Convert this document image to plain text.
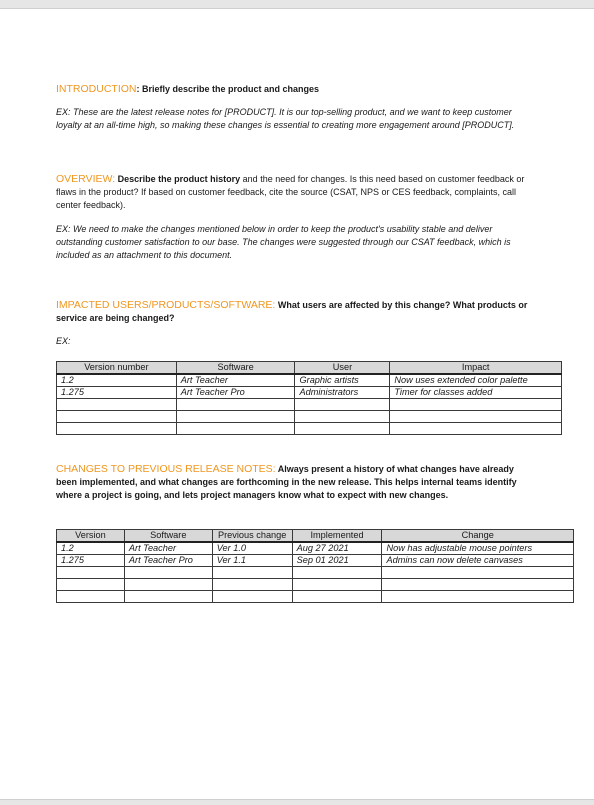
INTRODUCTION: Briefly describe the product and changes
EX: These are the latest release notes for [PRODUCT]. It is our top-selling product, and we want to keep customer loyalty at an all-time high, so making these changes is essential to creating more engagement around [PRODUCT].
OVERVIEW: Describe the product history and the need for changes. Is this need based on customer feedback or flaws in the product? If based on customer feedback, cite the source (CSAT, NPS or CES feedback, complaints, call center feedback).
EX: We need to make the changes mentioned below in order to keep the product's usability stable and deliver outstanding customer satisfaction to our base. The changes were suggested through our CSAT feedback, which is included as an attachment to this document.
IMPACTED USERS/PRODUCTS/SOFTWARE: What users are affected by this change? What products or service are being changed?
EX:
Version number	Software	User	Impact
1.2	Art Teacher	Graphic artists	Now uses extended color palette
1.275	Art Teacher Pro	Administrators	Timer for classes added

CHANGES TO PREVIOUS RELEASE NOTES: Always present a history of what changes have already been implemented, and what changes are forthcoming in the new release. This helps internal teams identify where a project is going, and lets project managers know what to expect with new changes.
Version	Software	Previous change	Implemented	Change
1.2	Art Teacher	Ver 1.0	Aug 27 2021	Now has adjustable mouse pointers
1.275	Art Teacher Pro	Ver 1.1	Sep 01 2021	Admins can now delete canvases
